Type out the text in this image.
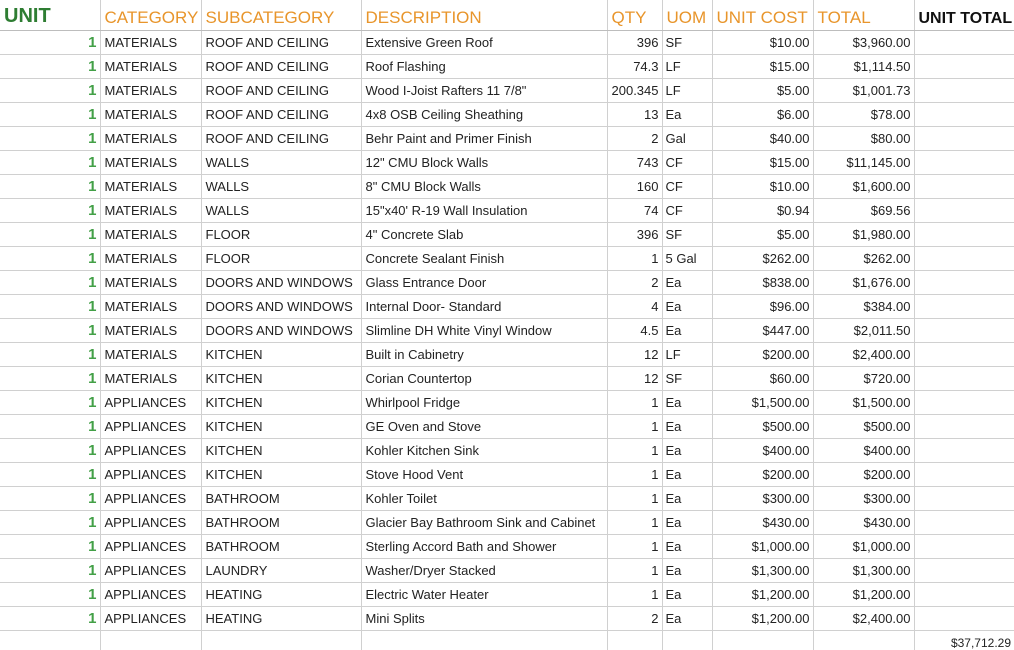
UNIT	CATEGORY	SUBCATEGORY	DESCRIPTION	QTY	UOM	UNIT COST	TOTAL	UNIT TOTAL
1	MATERIALS	ROOF AND CEILING	Extensive Green Roof	396	SF	$10.00	$3,960.00	
1	MATERIALS	ROOF AND CEILING	Roof Flashing	74.3	LF	$15.00	$1,114.50	
1	MATERIALS	ROOF AND CEILING	Wood I-Joist Rafters 11 7/8"	200.345	LF	$5.00	$1,001.73	
1	MATERIALS	ROOF AND CEILING	4x8 OSB Ceiling Sheathing	13	Ea	$6.00	$78.00	
1	MATERIALS	ROOF AND CEILING	Behr Paint and Primer Finish	2	Gal	$40.00	$80.00	
1	MATERIALS	WALLS	12" CMU Block Walls	743	CF	$15.00	$11,145.00	
1	MATERIALS	WALLS	8" CMU Block Walls	160	CF	$10.00	$1,600.00	
1	MATERIALS	WALLS	15"x40' R-19 Wall Insulation	74	CF	$0.94	$69.56	
1	MATERIALS	FLOOR	4" Concrete Slab	396	SF	$5.00	$1,980.00	
1	MATERIALS	FLOOR	Concrete Sealant Finish	1	5 Gal	$262.00	$262.00	
1	MATERIALS	DOORS AND WINDOWS	Glass Entrance Door	2	Ea	$838.00	$1,676.00	
1	MATERIALS	DOORS AND WINDOWS	Internal Door- Standard	4	Ea	$96.00	$384.00	
1	MATERIALS	DOORS AND WINDOWS	Slimline DH White Vinyl Window	4.5	Ea	$447.00	$2,011.50	
1	MATERIALS	KITCHEN	Built in Cabinetry	12	LF	$200.00	$2,400.00	
1	MATERIALS	KITCHEN	Corian Countertop	12	SF	$60.00	$720.00	
1	APPLIANCES	KITCHEN	Whirlpool Fridge	1	Ea	$1,500.00	$1,500.00	
1	APPLIANCES	KITCHEN	GE Oven and Stove	1	Ea	$500.00	$500.00	
1	APPLIANCES	KITCHEN	Kohler Kitchen Sink	1	Ea	$400.00	$400.00	
1	APPLIANCES	KITCHEN	Stove Hood Vent	1	Ea	$200.00	$200.00	
1	APPLIANCES	BATHROOM	Kohler Toilet	1	Ea	$300.00	$300.00	
1	APPLIANCES	BATHROOM	Glacier Bay Bathroom Sink and Cabinet	1	Ea	$430.00	$430.00	
1	APPLIANCES	BATHROOM	Sterling Accord Bath and Shower	1	Ea	$1,000.00	$1,000.00	
1	APPLIANCES	LAUNDRY	Washer/Dryer Stacked	1	Ea	$1,300.00	$1,300.00	
1	APPLIANCES	HEATING	Electric Water Heater	1	Ea	$1,200.00	$1,200.00	
1	APPLIANCES	HEATING	Mini Splits	2	Ea	$1,200.00	$2,400.00	
								$37,712.29
